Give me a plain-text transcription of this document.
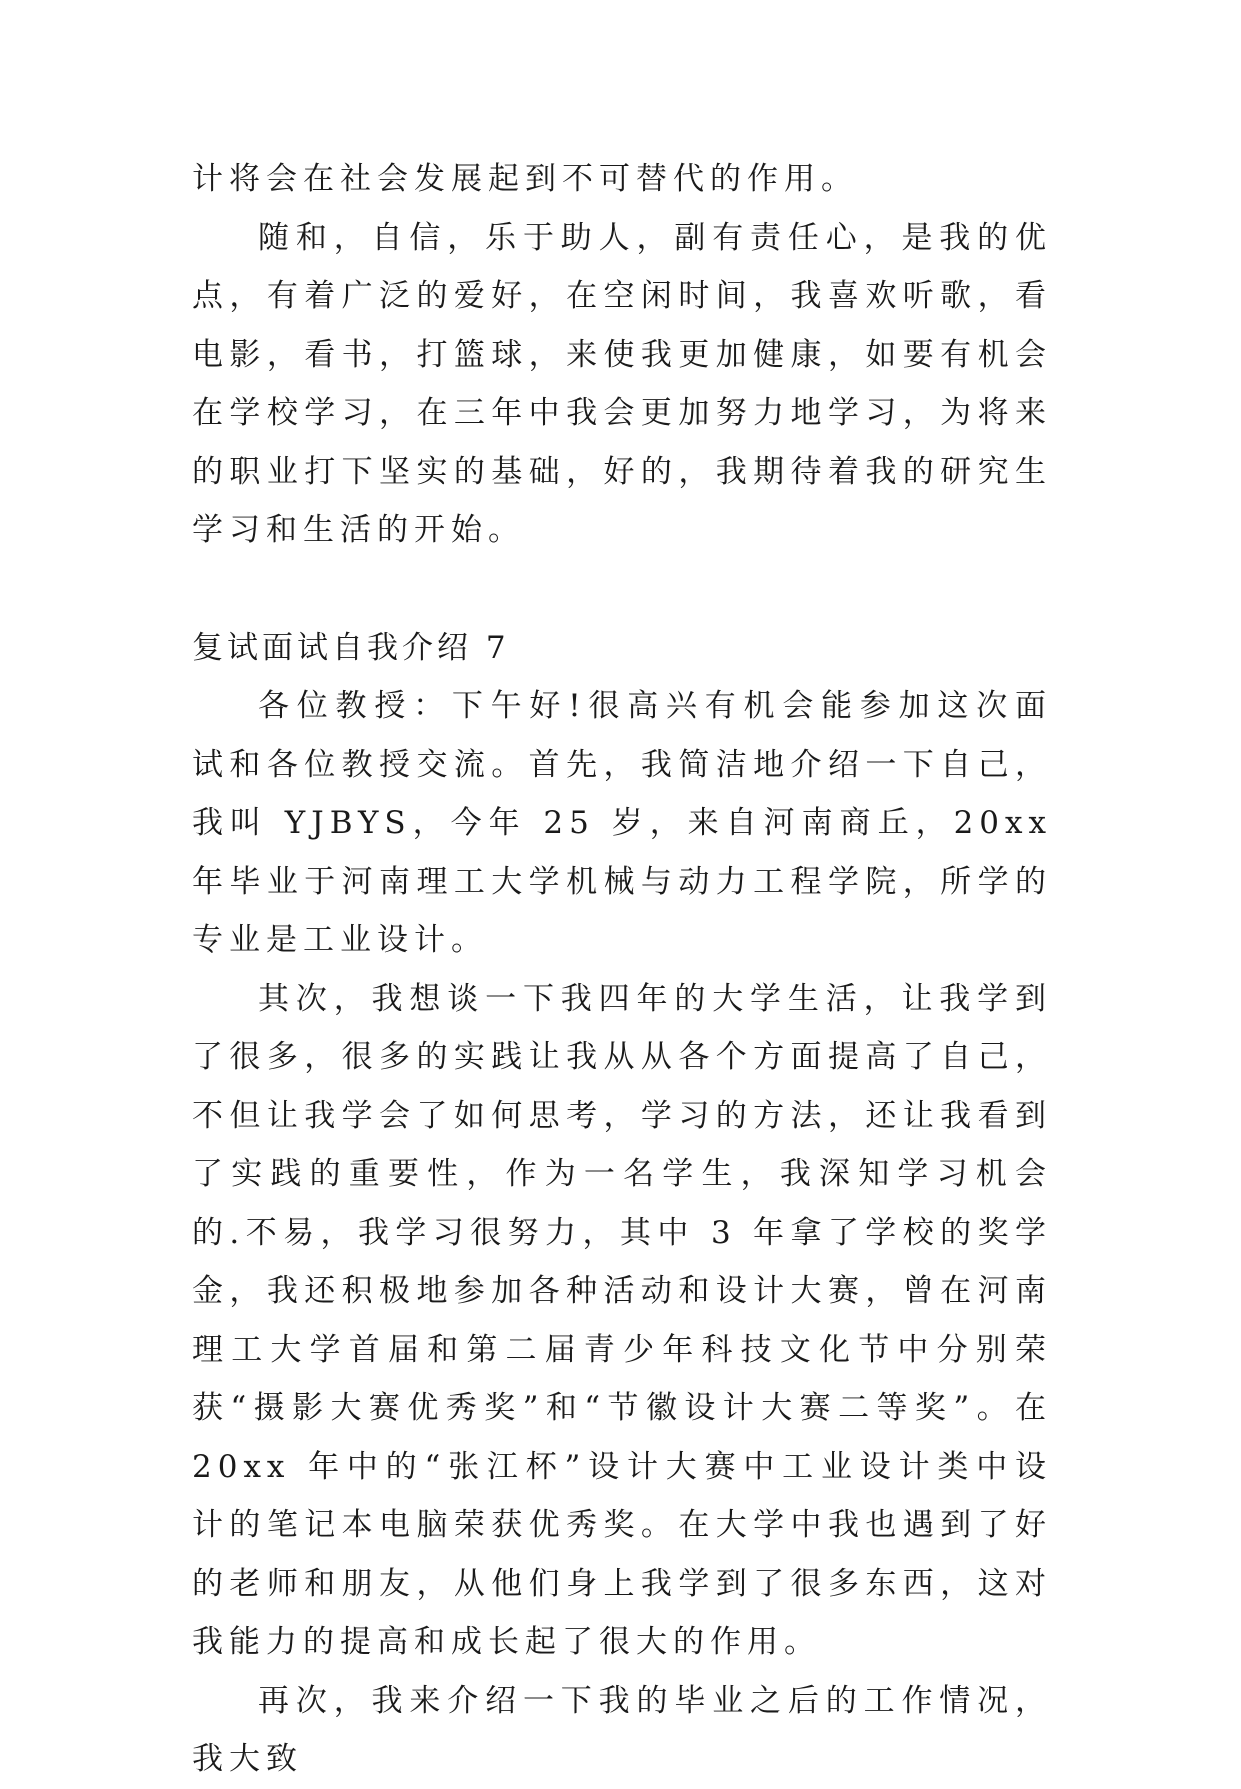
计将会在社会发展起到不可替代的作用。

随和，自信，乐于助人，副有责任心，是我的优点，有着广泛的爱好，在空闲时间，我喜欢听歌，看电影，看书，打篮球，来使我更加健康，如要有机会在学校学习，在三年中我会更加努力地学习，为将来的职业打下坚实的基础，好的，我期待着我的研究生学习和生活的开始。

复试面试自我介绍 7

各位教授：下午好!很高兴有机会能参加这次面试和各位教授交流。首先，我简洁地介绍一下自己，我叫 YJBYS，今年 25 岁，来自河南商丘，20xx 年毕业于河南理工大学机械与动力工程学院，所学的专业是工业设计。

其次，我想谈一下我四年的大学生活，让我学到了很多，很多的实践让我从从各个方面提高了自己，不但让我学会了如何思考，学习的方法，还让我看到了实践的重要性，作为一名学生，我深知学习机会的.不易，我学习很努力，其中 3 年拿了学校的奖学金，我还积极地参加各种活动和设计大赛，曾在河南理工大学首届和第二届青少年科技文化节中分别荣获“摄影大赛优秀奖”和“节徽设计大赛二等奖”。在 20xx 年中的“张江杯”设计大赛中工业设计类中设计的笔记本电脑荣获优秀奖。在大学中我也遇到了好的老师和朋友，从他们身上我学到了很多东西，这对我能力的提高和成长起了很大的作用。

再次，我来介绍一下我的毕业之后的工作情况，我大致
